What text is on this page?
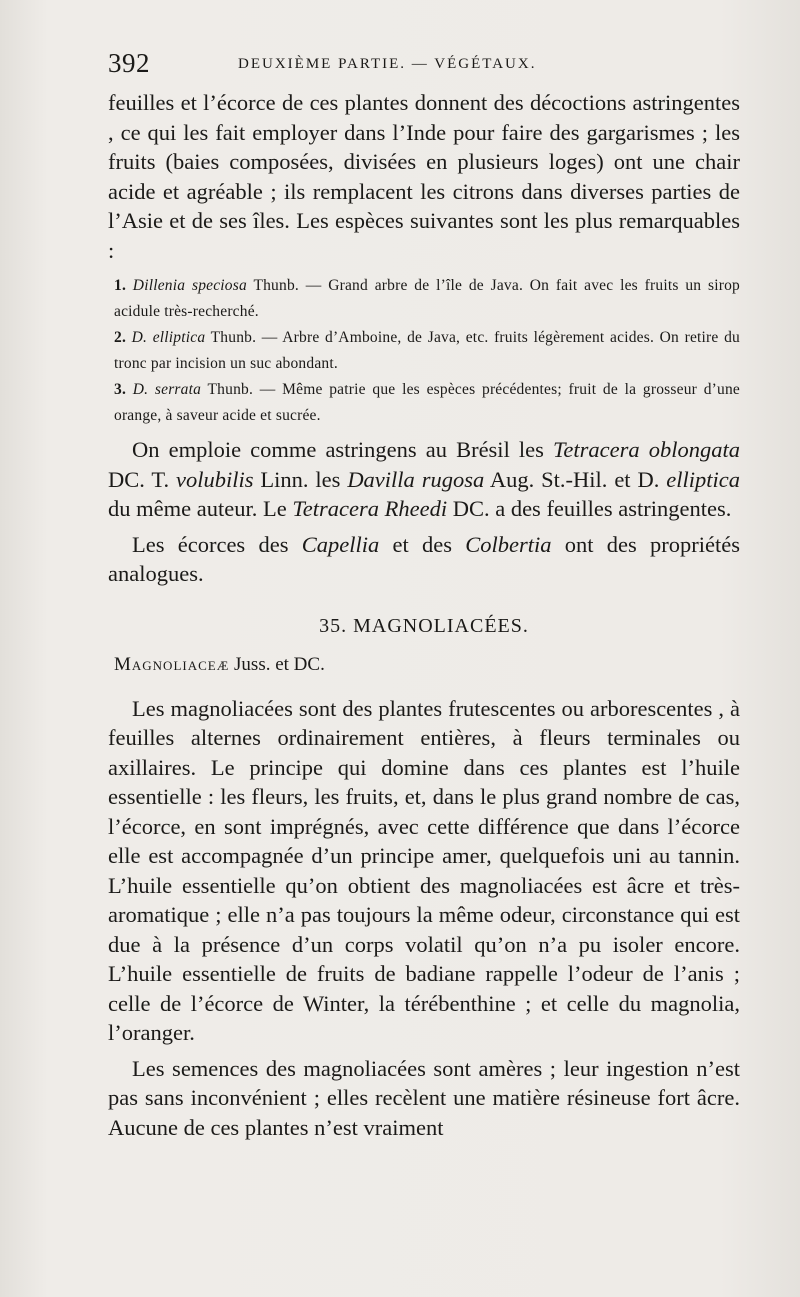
392	DEUXIÈME PARTIE. — VÉGÉTAUX.

feuilles et l’écorce de ces plantes donnent des décoctions astringentes , ce qui les fait employer dans l’Inde pour faire des gargarismes ; les fruits (baies composées, divisées en plusieurs loges) ont une chair acide et agréable ; ils remplacent les citrons dans diverses parties de l’Asie et de ses îles. Les espèces suivantes sont les plus remarquables :

1. Dillenia speciosa Thunb. — Grand arbre de l’île de Java. On fait avec les fruits un sirop acidule très-recherché.

2. D. elliptica Thunb. — Arbre d’Amboine, de Java, etc. fruits légèrement acides. On retire du tronc par incision un suc abondant.

3. D. serrata Thunb. — Même patrie que les espèces précédentes; fruit de la grosseur d’une orange, à saveur acide et sucrée.

On emploie comme astringens au Brésil les Tetracera oblongata DC. T. volubilis Linn. les Davilla rugosa Aug. St.-Hil. et D. elliptica du même auteur. Le Tetracera Rheedi DC. a des feuilles astringentes.

Les écorces des Capellia et des Colbertia ont des propriétés analogues.

35. MAGNOLIACÉES.

Magnoliaceæ Juss. et DC.

Les magnoliacées sont des plantes frutescentes ou arborescentes , à feuilles alternes ordinairement entières, à fleurs terminales ou axillaires. Le principe qui domine dans ces plantes est l’huile essentielle : les fleurs, les fruits, et, dans le plus grand nombre de cas, l’écorce, en sont imprégnés, avec cette différence que dans l’écorce elle est accompagnée d’un principe amer, quelquefois uni au tannin. L’huile essentielle qu’on obtient des magnoliacées est âcre et très-aromatique ; elle n’a pas toujours la même odeur, circonstance qui est due à la présence d’un corps volatil qu’on n’a pu isoler encore. L’huile essentielle de fruits de badiane rappelle l’odeur de l’anis ; celle de l’écorce de Winter, la térébenthine ; et celle du magnolia, l’oranger.

Les semences des magnoliacées sont amères ; leur ingestion n’est pas sans inconvénient ; elles recèlent une matière résineuse fort âcre. Aucune de ces plantes n’est vraiment
